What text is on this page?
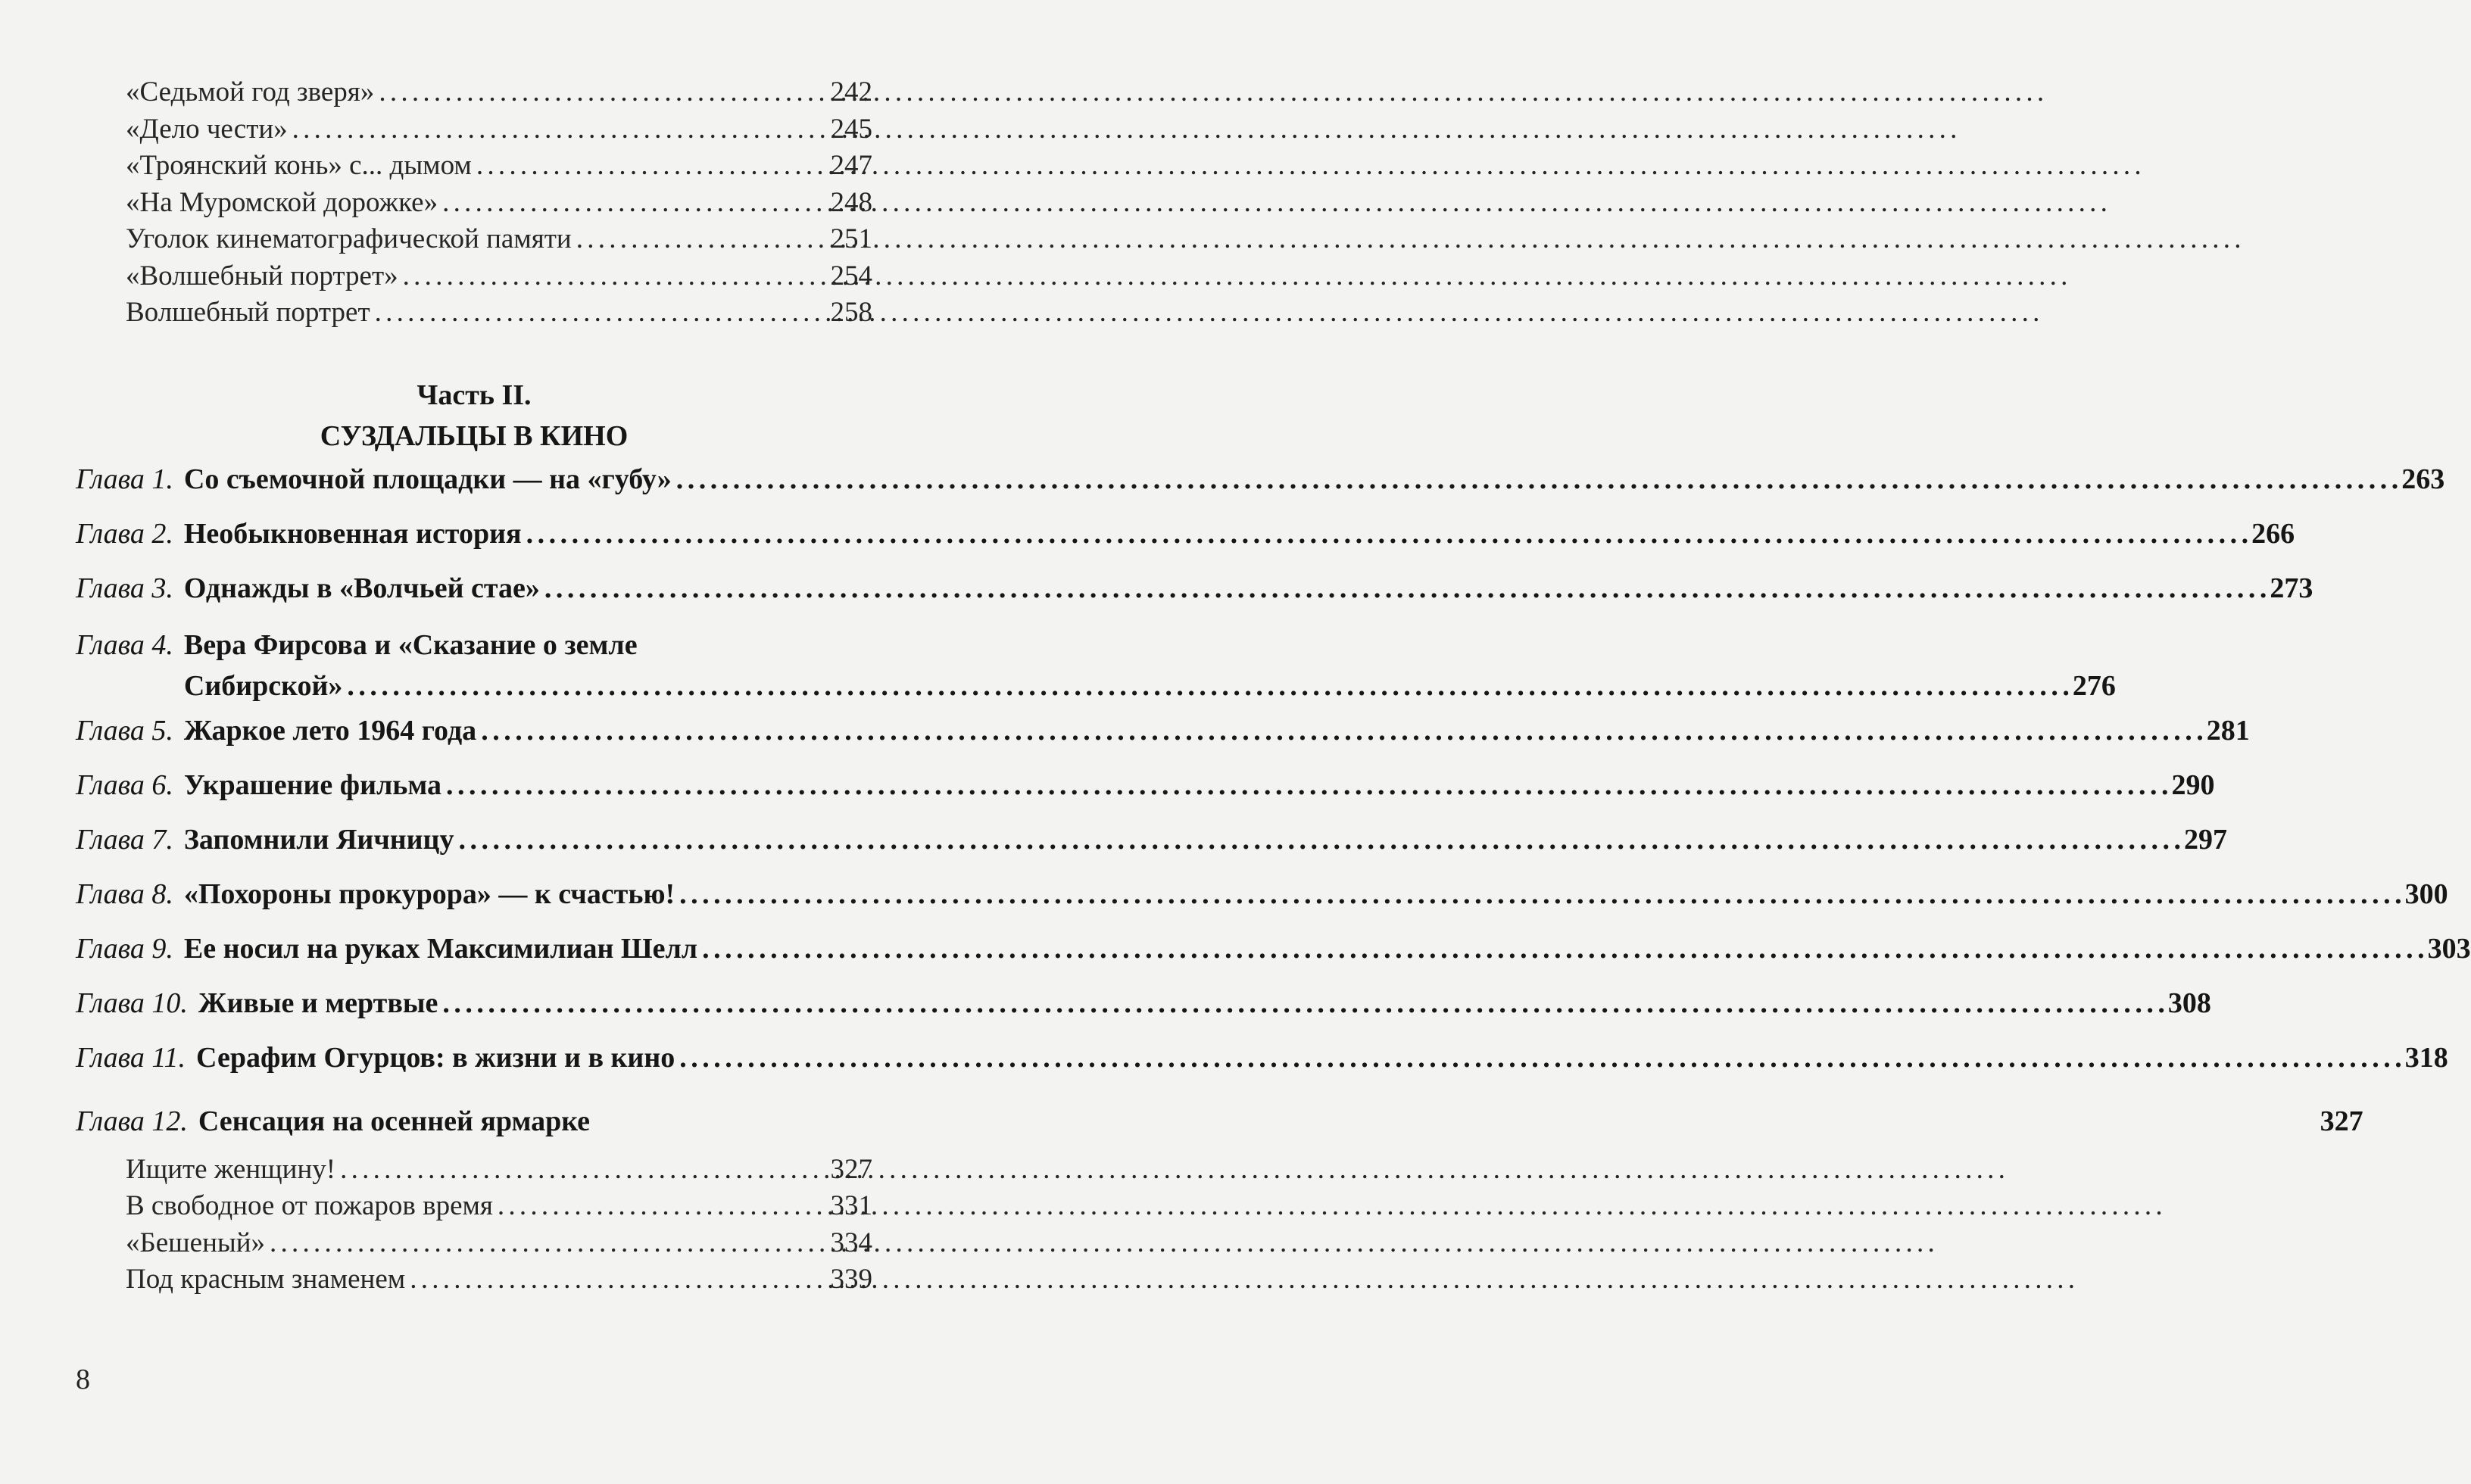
«Седьмой год зверя» . . .	242
«Дело чести» . . .	245
«Троянский конь» с... дымом . . .	247
«На Муромской дорожке» . . .	248
Уголок кинематографической памяти . . .	251
«Волшебный портрет» . . .	254
Волшебный портрет . . .	258
Часть II.
СУЗДАЛЬЦЫ В КИНО
Глава 1. Со съемочной площадки — на «губу» . . .	263
Глава 2. Необыкновенная история . . .	266
Глава 3. Однажды в «Волчьей стае» . . .	273
Глава 4. Вера Фирсова и «Сказание о земле
Сибирской» . . .	276
Глава 5. Жаркое лето 1964 года . . .	281
Глава 6. Украшение фильма . . .	290
Глава 7. Запомнили Яичницу . . .	297
Глава 8. «Похороны прокурора» — к счастью! . . .	300
Глава 9. Ее носил на руках Максимилиан Шелл . . .	303
Глава 10. Живые и мертвые . . .	308
Глава 11. Серафим Огурцов: в жизни и в кино . . .	318
Глава 12. Сенсация на осенней ярмарке	327
Ищите женщину! . . .	327
В свободное от пожаров время . . .	331
«Бешеный» . . .	334
Под красным знаменем . . .	339
8
